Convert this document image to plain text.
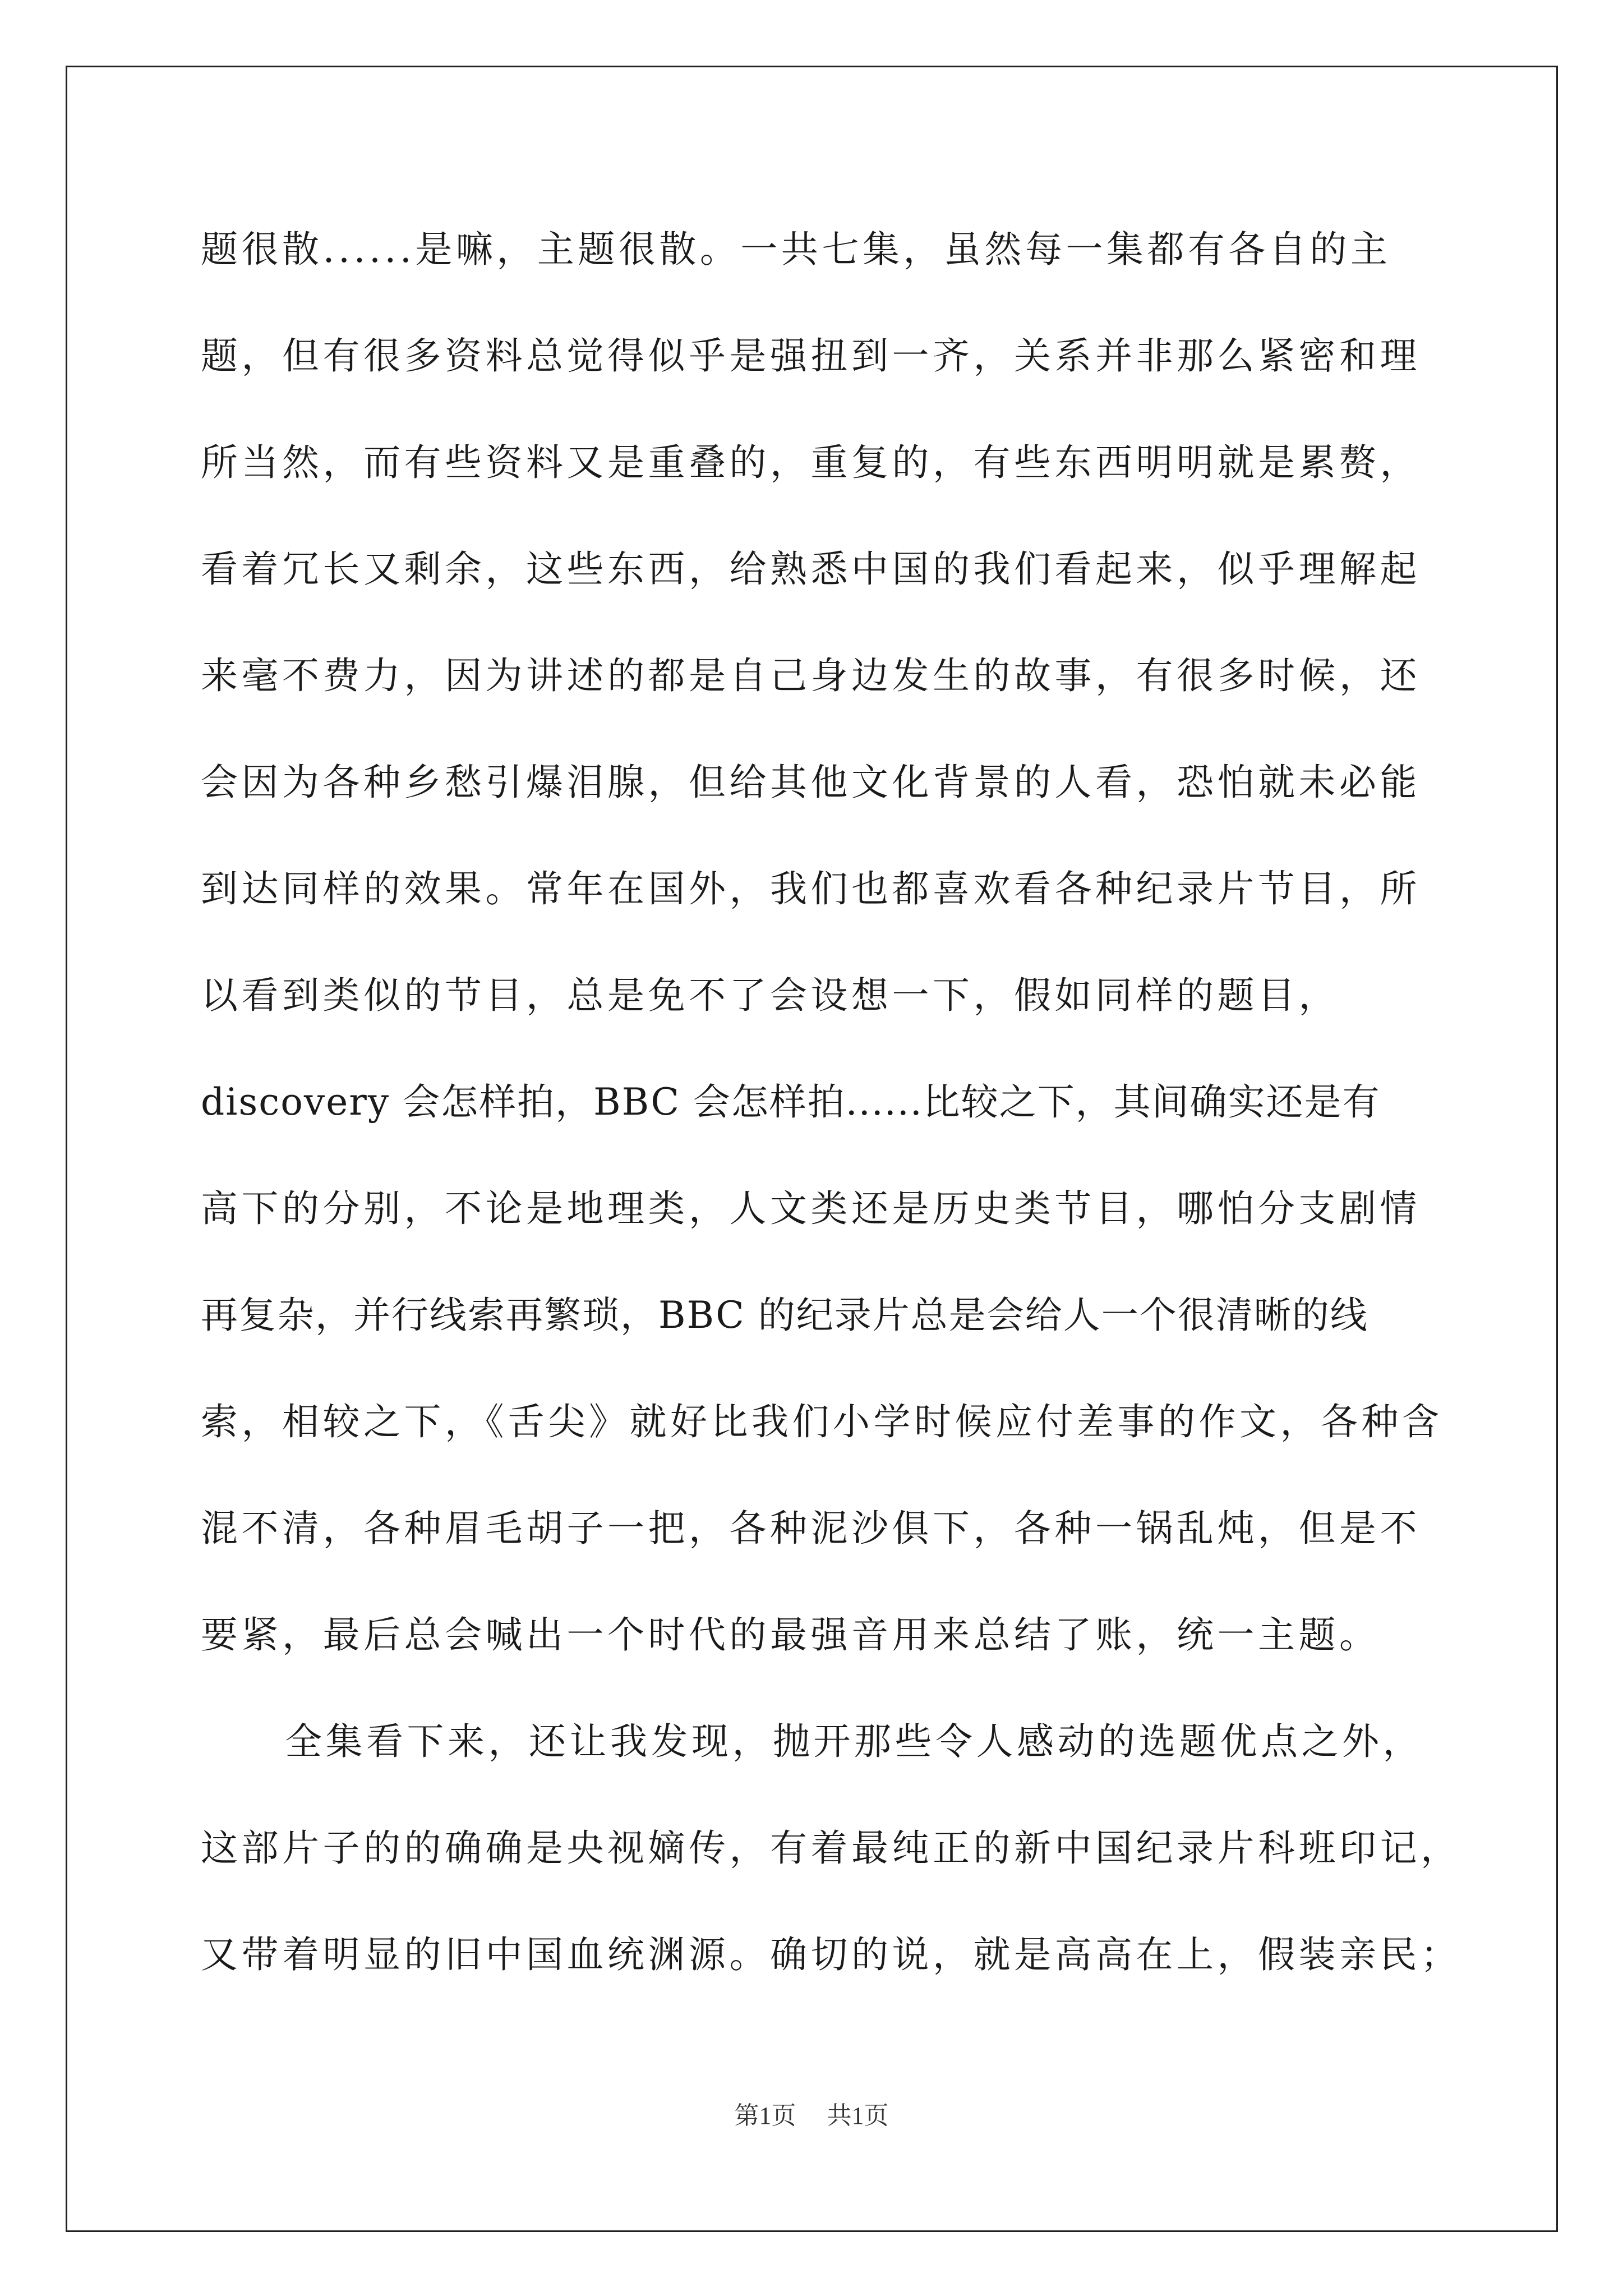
题很散......是嘛，主题很散。一共七集，虽然每一集都有各自的主
题，但有很多资料总觉得似乎是强扭到一齐，关系并非那么紧密和理
所当然，而有些资料又是重叠的，重复的，有些东西明明就是累赘，
看着冗长又剩余，这些东西，给熟悉中国的我们看起来，似乎理解起
来毫不费力，因为讲述的都是自己身边发生的故事，有很多时候，还
会因为各种乡愁引爆泪腺，但给其他文化背景的人看，恐怕就未必能
到达同样的效果。常年在国外，我们也都喜欢看各种纪录片节目，所
以看到类似的节目，总是免不了会设想一下，假如同样的题目，
discovery 会怎样拍，BBC 会怎样拍......比较之下，其间确实还是有
高下的分别，不论是地理类，人文类还是历史类节目，哪怕分支剧情
再复杂，并行线索再繁琐，BBC 的纪录片总是会给人一个很清晰的线
索，相较之下，《舌尖》就好比我们小学时候应付差事的作文，各种含
混不清，各种眉毛胡子一把，各种泥沙俱下，各种一锅乱炖，但是不
要紧，最后总会喊出一个时代的最强音用来总结了账，统一主题。
全集看下来，还让我发现，抛开那些令人感动的选题优点之外，
这部片子的的确确是央视嫡传，有着最纯正的新中国纪录片科班印记，
又带着明显的旧中国血统渊源。确切的说，就是高高在上，假装亲民；
第1页 共1页
